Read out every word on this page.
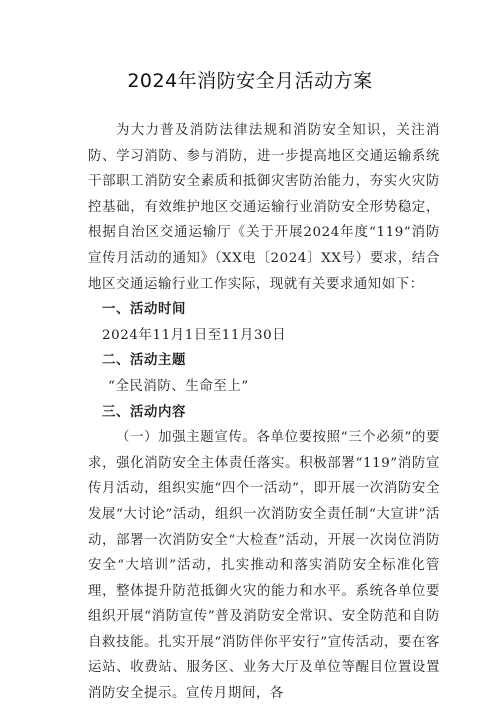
2024年消防安全月活动方案

为大力普及消防法律法规和消防安全知识，关注消防、学习消防、参与消防，进一步提高地区交通运输系统干部职工消防安全素质和抵御灾害防治能力，夯实火灾防控基础，有效维护地区交通运输行业消防安全形势稳定，根据自治区交通运输厅《关于开展2024年度“119”消防宣传月活动的通知》（XX电〔2024〕XX号）要求，结合地区交通运输行业工作实际，现就有关要求通知如下：

一、活动时间

2024年11月1日至11月30日

二、活动主题

“全民消防、生命至上”

三、活动内容

（一）加强主题宣传。各单位要按照“三个必须”的要求，强化消防安全主体责任落实。积极部署“119”消防宣传月活动，组织实施“四个一活动”，即开展一次消防安全发展“大讨论”活动，组织一次消防安全责任制“大宣讲”活动，部署一次消防安全“大检查”活动，开展一次岗位消防安全“大培训”活动，扎实推动和落实消防安全标准化管理，整体提升防范抵御火灾的能力和水平。系统各单位要组织开展“消防宣传”普及消防安全常识、安全防范和自防自救技能。扎实开展“消防伴你平安行”宣传活动，要在客运站、收费站、服务区、业务大厅及单位等醒目位置设置消防安全提示。宣传月期间，各
